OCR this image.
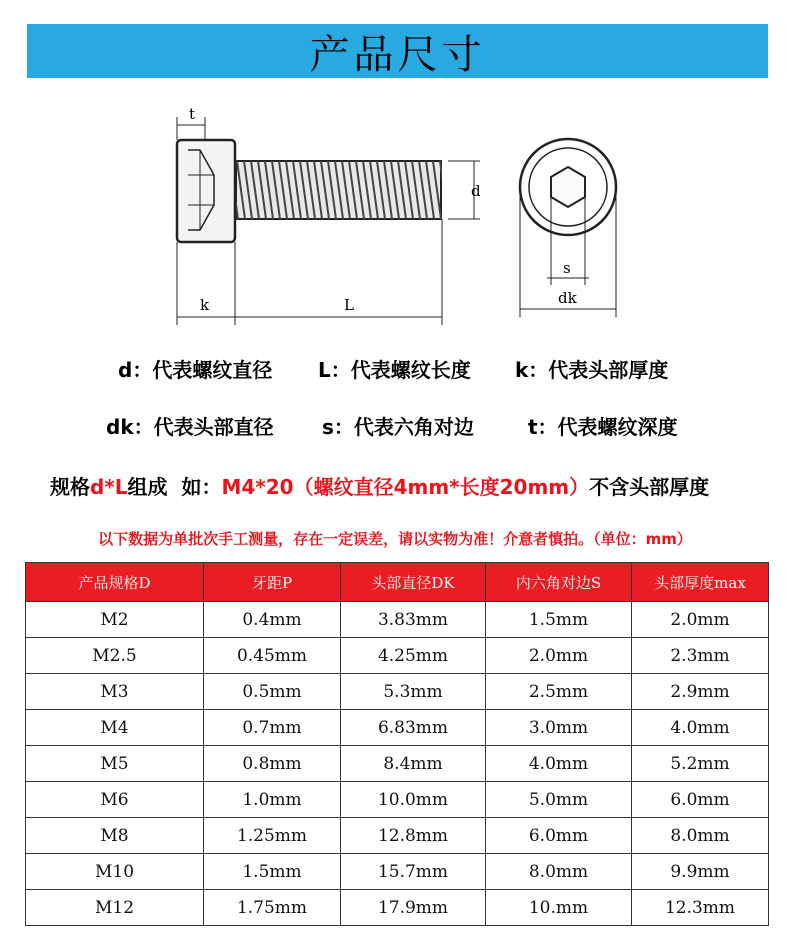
产品尺寸
t
d
k	L
s
dk
d：代表螺纹直径 L：代表螺纹长度 k：代表头部厚度
dk：代表头部直径 s：代表六角对边	t：代表螺纹深度
规格d*L组成  如：M4*20（螺纹直径4mm*长度20mm）不含头部厚度
以下数据为单批次手工测量，存在一定误差，请以实物为准！介意者慎拍。（单位：mm）
产品规格D	牙距P	头部直径DK	内六角对边S	头部厚度max
M2	0.4mm	3.83mm	1.5mm	2.0mm
M2.5	0.45mm	4.25mm	2.0mm	2.3mm
M3	0.5mm	5.3mm	2.5mm	2.9mm
M4	0.7mm	6.83mm	3.0mm	4.0mm
M5	0.8mm	8.4mm	4.0mm	5.2mm
M6	1.0mm	10.0mm	5.0mm	6.0mm
M8	1.25mm	12.8mm	6.0mm	8.0mm
M10	1.5mm	15.7mm	8.0mm	9.9mm
M12	1.75mm	17.9mm	10.mm	12.3mm
